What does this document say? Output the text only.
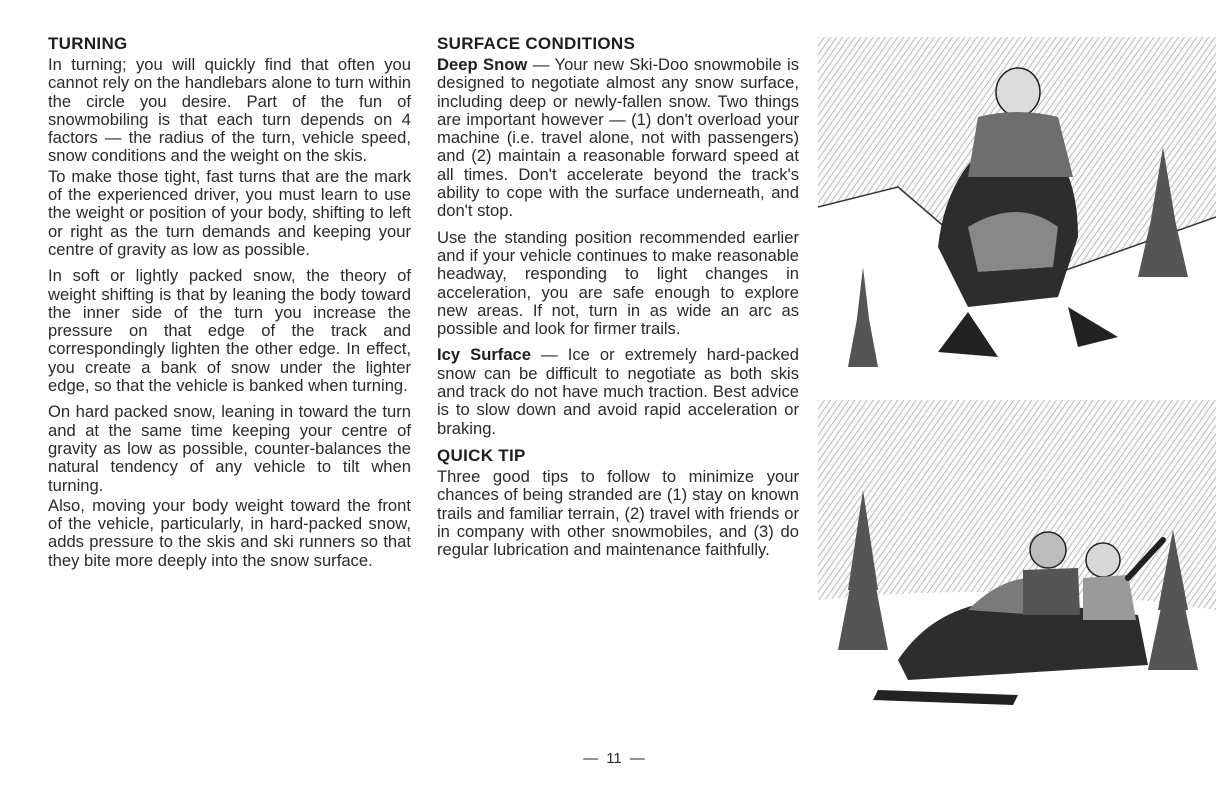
TURNING

In turning; you will quickly find that often you cannot rely on the handlebars alone to turn within the circle you desire. Part of the fun of snowmobiling is that each turn depends on 4 factors — the radius of the turn, vehicle speed, snow conditions and the weight on the skis.

To make those tight, fast turns that are the mark of the experienced driver, you must learn to use the weight or position of your body, shifting to left or right as the turn demands and keeping your centre of gravity as low as possible.

In soft or lightly packed snow, the theory of weight shifting is that by leaning the body toward the inner side of the turn you increase the pressure on that edge of the track and correspondingly lighten the other edge. In effect, you create a bank of snow under the lighter edge, so that the vehicle is banked when turning.

On hard packed snow, leaning in toward the turn and at the same time keeping your centre of gravity as low as possible, counter-balances the natural tendency of any vehicle to tilt when turning.

Also, moving your body weight toward the front of the vehicle, particularly, in hard-packed snow, adds pressure to the skis and ski runners so that they bite more deeply into the snow surface.

SURFACE CONDITIONS

Deep Snow — Your new Ski-Doo snowmobile is designed to negotiate almost any snow surface, including deep or newly-fallen snow. Two things are important however — (1) don't overload your machine (i.e. travel alone, not with passengers) and (2) maintain a reasonable forward speed at all times. Don't accelerate beyond the track's ability to cope with the surface underneath, and don't stop.

Use the standing position recommended earlier and if your vehicle continues to make reasonable headway, responding to light changes in acceleration, you are safe enough to explore new areas. If not, turn in as wide an arc as possible and look for firmer trails.

Icy Surface — Ice or extremely hard-packed snow can be difficult to negotiate as both skis and track do not have much traction. Best advice is to slow down and avoid rapid acceleration or braking.

QUICK TIP

Three good tips to follow to minimize your chances of being stranded are (1) stay on known trails and familiar terrain, (2) travel with friends or in company with other snowmobiles, and (3) do regular lubrication and maintenance faithfully.

— 11 —
